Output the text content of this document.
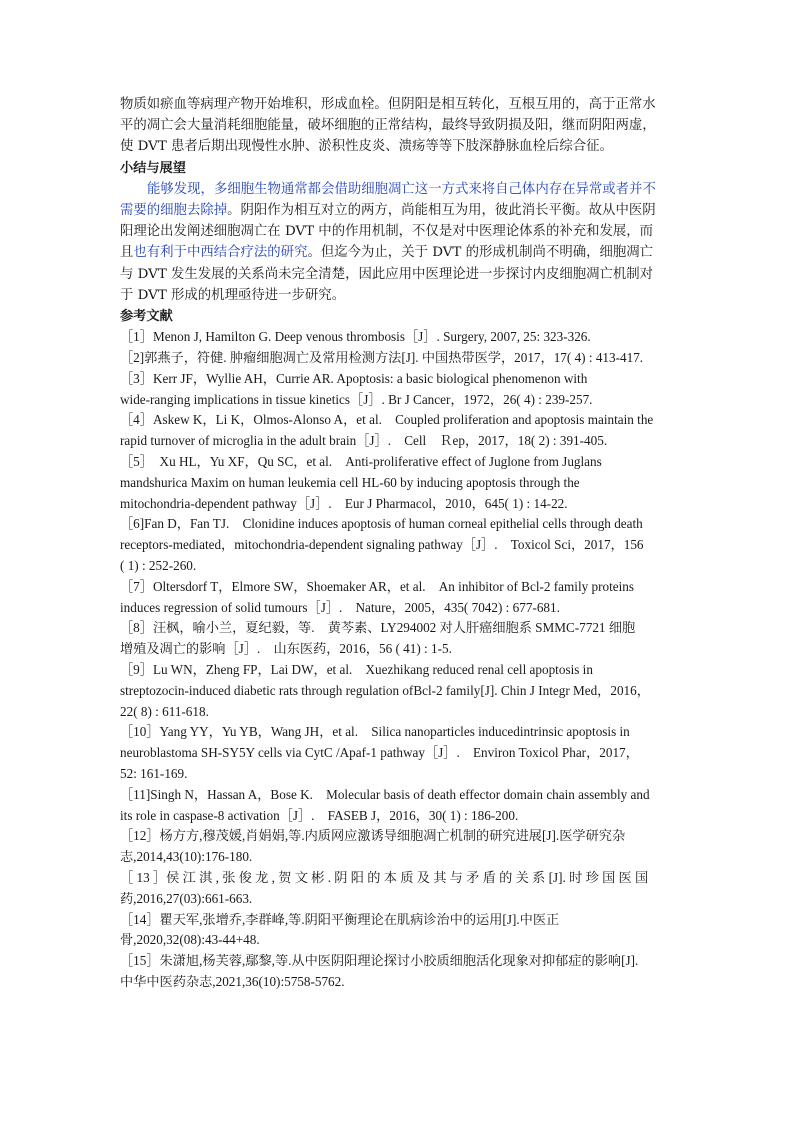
物质如瘀血等病理产物开始堆积，形成血栓。但阴阳是相互转化，互根互用的，高于正常水
平的凋亡会大量消耗细胞能量，破坏细胞的正常结构，最终导致阴损及阳，继而阴阳两虚，
使 DVT 患者后期出现慢性水肿、淤积性皮炎、溃疡等等下肢深静脉血栓后综合征。

小结与展望

能够发现，多细胞生物通常都会借助细胞凋亡这一方式来将自己体内存在异常或者并不
需要的细胞去除掉。阴阳作为相互对立的两方，尚能相互为用，彼此消长平衡。故从中医阴
阳理论出发阐述细胞凋亡在 DVT 中的作用机制，不仅是对中医理论体系的补充和发展，而
且也有利于中西结合疗法的研究。但迄今为止，关于 DVT 的形成机制尚不明确，细胞凋亡
与 DVT 发生发展的关系尚未完全清楚，因此应用中医理论进一步探讨内皮细胞凋亡机制对
于 DVT 形成的机理亟待进一步研究。

参考文献

［1］Menon J, Hamilton G. Deep venous thrombosis［J］. Surgery, 2007, 25: 323-326.

［2]郭燕子，符健. 肿瘤细胞凋亡及常用检测方法[J]. 中国热带医学，2017，17( 4) : 413-417.

［3］Kerr JF，Wyllie AH，Currie AR. Apoptosis: a basic biological phenomenon with
wide-ranging implications in tissue kinetics［J］. Br J Cancer，1972，26( 4) : 239-257.

［4］Askew K，Li K，Olmos-Alonso A，et al.　Coupled proliferation and apoptosis maintain the
rapid turnover of microglia in the adult brain［J］.　Cell　Ｒep，2017，18( 2) : 391-405.

［5］　Xu HL，Yu XF，Qu SC，et al.　Anti-proliferative effect of Juglone from Juglans
mandshurica Maxim on human leukemia cell HL-60 by inducing apoptosis through the
mitochondria-dependent pathway［J］.　Eur J Pharmacol，2010，645( 1) : 14-22.

［6]Fan D，Fan TJ.　Clonidine induces apoptosis of human corneal epithelial cells through death
receptors-mediated，mitochondria-dependent signaling pathway［J］.　Toxicol Sci，2017，156
( 1) : 252-260.

［7］Oltersdorf T，Elmore SW，Shoemaker AR，et al.　An inhibitor of Bcl-2 family proteins
induces regression of solid tumours［J］.　Nature，2005，435( 7042) : 677-681.

［8］汪枫，喻小兰，夏纪毅，等.　黄芩素、LY294002 对人肝癌细胞系 SMMC-7721 细胞
增殖及凋亡的影响［J］.　山东医药，2016，56 ( 41) : 1-5.

［9］Lu WN，Zheng FP，Lai DW，et al.　Xuezhikang reduced renal cell apoptosis in
streptozocin-induced diabetic rats through regulation ofBcl-2 family[J]. Chin J Integr Med，2016，
22( 8) : 611-618.

［10］Yang YY，Yu YB，Wang JH，et al.　Silica nanoparticles inducedintrinsic apoptosis in
neuroblastoma SH-SY5Y cells via CytC /Apaf-1 pathway［J］.　Environ Toxicol Phar，2017，
52: 161-169.

［11]Singh N，Hassan A，Bose K.　Molecular basis of death effector domain chain assembly and
its role in caspase-8 activation［J］.　FASEB J，2016，30( 1) : 186-200.

［12］杨方方,穆茂媛,肖娟娟,等.内质网应激诱导细胞凋亡机制的研究进展[J].医学研究杂
志,2014,43(10):176-180.

［ 13 ］侯 江 淇 , 张 俊 龙 , 贺 文 彬 . 阴 阳 的 本 质 及 其 与 矛 盾 的 关 系 [J]. 时 珍 国 医 国
药,2016,27(03):661-663.

［14］瞿天军,张增乔,李群峰,等.阴阳平衡理论在肌病诊治中的运用[J].中医正
骨,2020,32(08):43-44+48.

［15］朱潇旭,杨芙蓉,鄢黎,等.从中医阴阳理论探讨小胶质细胞活化现象对抑郁症的影响[J].
中华中医药杂志,2021,36(10):5758-5762.
